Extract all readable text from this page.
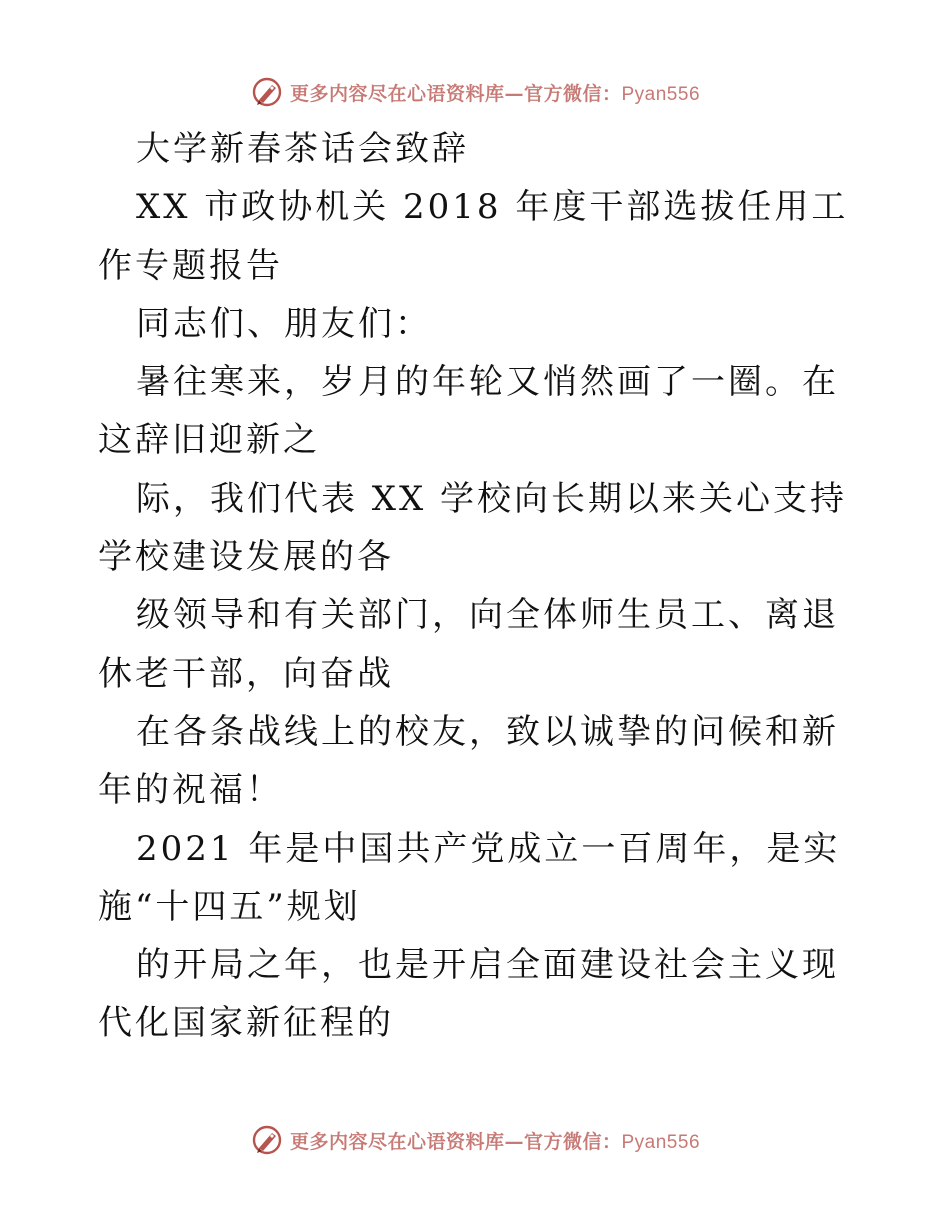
更多内容尽在心语资料库—官方微信：Pyan556

大学新春茶话会致辞

XX 市政协机关 2018 年度干部选拔任用工作专题报告

同志们、朋友们：

暑往寒来，岁月的年轮又悄然画了一圈。在这辞旧迎新之

际，我们代表 XX 学校向长期以来关心支持学校建设发展的各

级领导和有关部门，向全体师生员工、离退休老干部，向奋战

在各条战线上的校友，致以诚挚的问候和新年的祝福！

2021 年是中国共产党成立一百周年，是实施“十四五”规划

的开局之年，也是开启全面建设社会主义现代化国家新征程的

更多内容尽在心语资料库—官方微信：Pyan556
